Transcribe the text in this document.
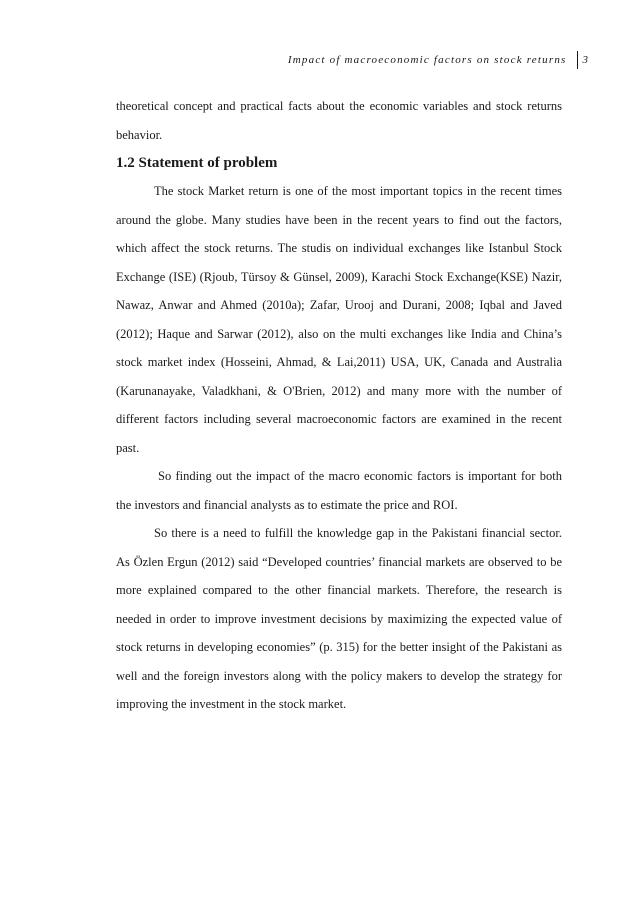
Impact of macroeconomic factors on stock returns 3

theoretical concept and practical facts about the economic variables and stock returns behavior.

1.2 Statement of problem

The stock Market return is one of the most important topics in the recent times around the globe. Many studies have been in the recent years to find out the factors, which affect the stock returns. The studis on individual exchanges like Istanbul Stock Exchange (ISE) (Rjoub, Türsoy & Günsel, 2009), Karachi Stock Exchange(KSE) Nazir, Nawaz, Anwar and Ahmed (2010a); Zafar, Urooj and Durani, 2008; Iqbal and Javed (2012); Haque and Sarwar (2012), also on the multi exchanges like India and China’s stock market index (Hosseini, Ahmad, & Lai,2011) USA, UK, Canada and Australia (Karunanayake, Valadkhani, & O'Brien, 2012) and many more with the number of different factors including several macroeconomic factors are examined in the recent past.

So finding out the impact of the macro economic factors is important for both the investors and financial analysts as to estimate the price and ROI.

So there is a need to fulfill the knowledge gap in the Pakistani financial sector. As Özlen Ergun (2012) said “Developed countries’ financial markets are observed to be more explained compared to the other financial markets. Therefore, the research is needed in order to improve investment decisions by maximizing the expected value of stock returns in developing economies” (p. 315) for the better insight of the Pakistani as well and the foreign investors along with the policy makers to develop the strategy for improving the investment in the stock market.
